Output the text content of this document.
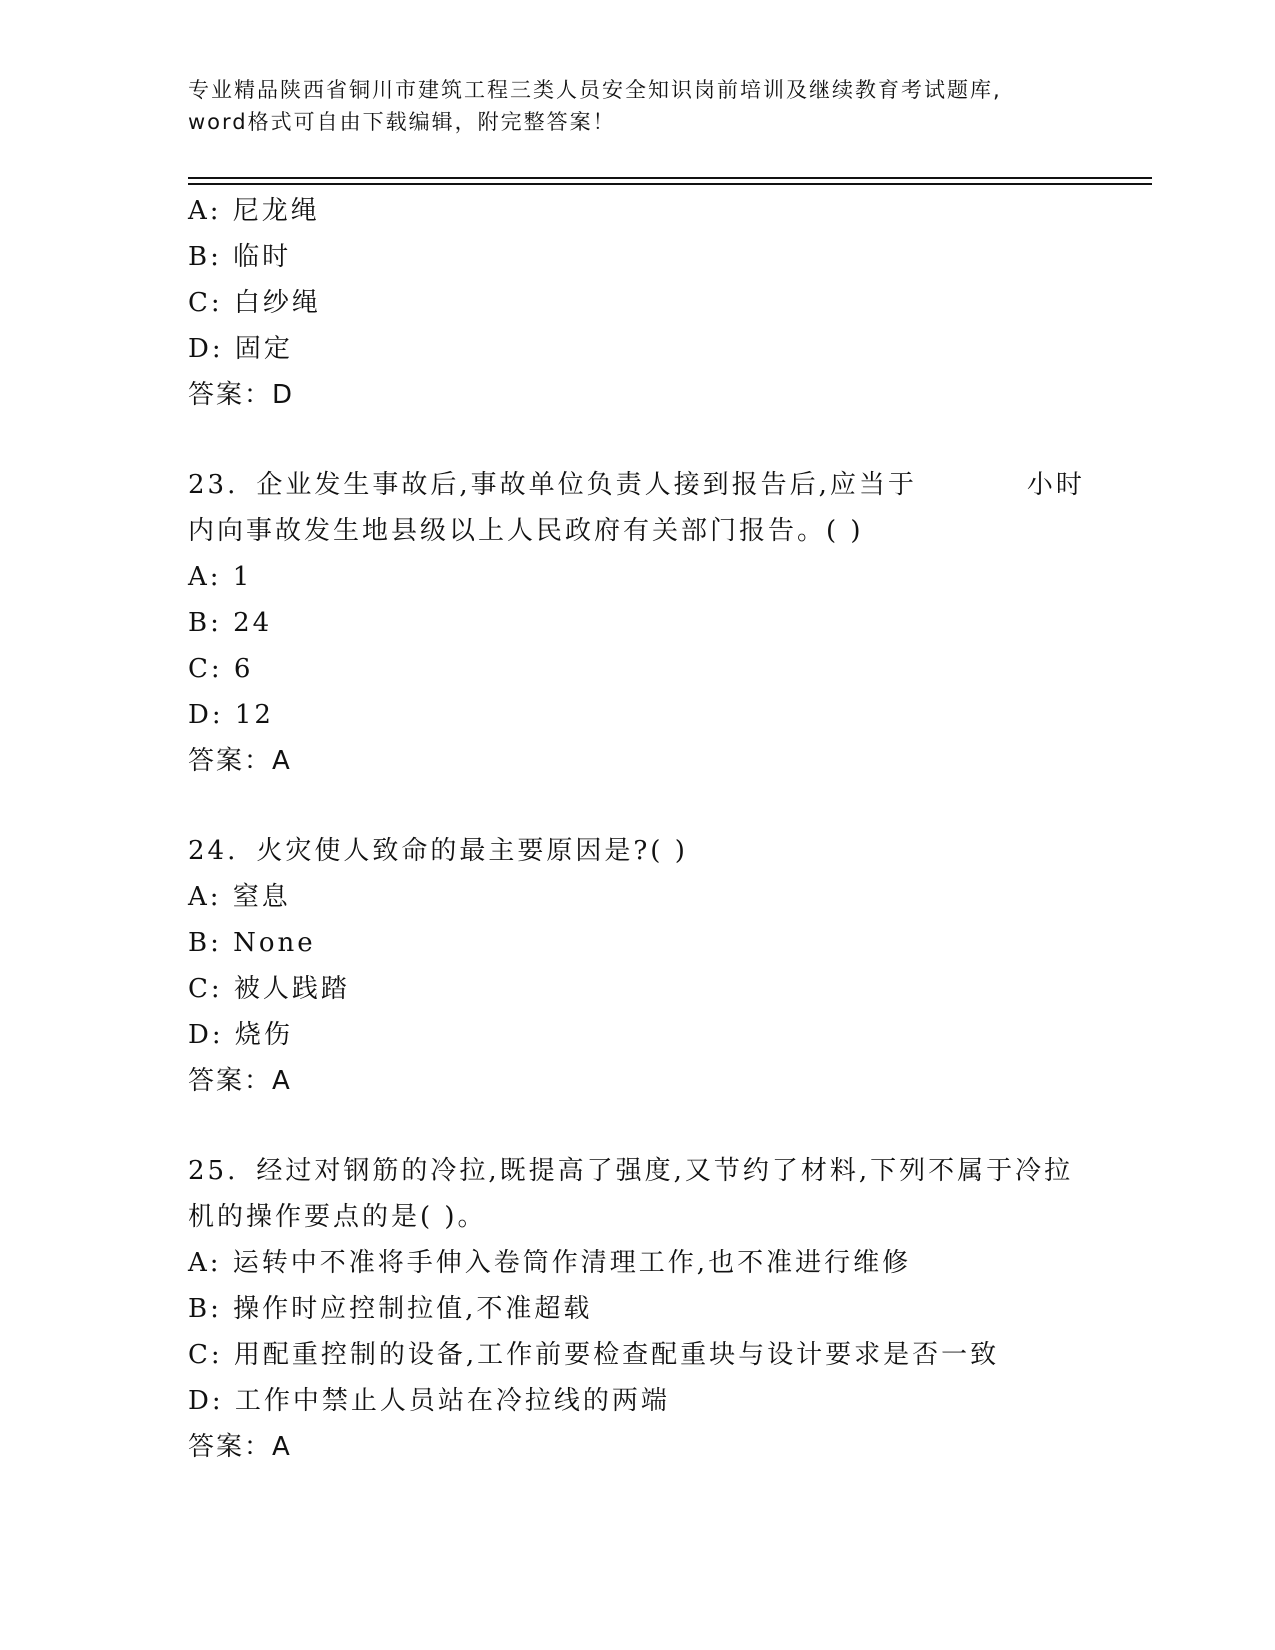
专业精品陕西省铜川市建筑工程三类人员安全知识岗前培训及继续教育考试题库,
word格式可自由下载编辑，附完整答案！
A: 尼龙绳
B: 临时
C: 白纱绳
D: 固定
答案：D
23. 企业发生事故后,事故单位负责人接到报告后,应当于	小时
内向事故发生地县级以上人民政府有关部门报告。( )
A: 1
B: 24
C: 6
D: 12
答案：A
24. 火灾使人致命的最主要原因是?( )
A: 窒息
B: None
C: 被人践踏
D: 烧伤
答案：A
25. 经过对钢筋的冷拉,既提高了强度,又节约了材料,下列不属于冷拉
机的操作要点的是( )。
A: 运转中不准将手伸入卷筒作清理工作,也不准进行维修
B: 操作时应控制拉值,不准超载
C: 用配重控制的设备,工作前要检查配重块与设计要求是否一致
D: 工作中禁止人员站在冷拉线的两端
答案：A
